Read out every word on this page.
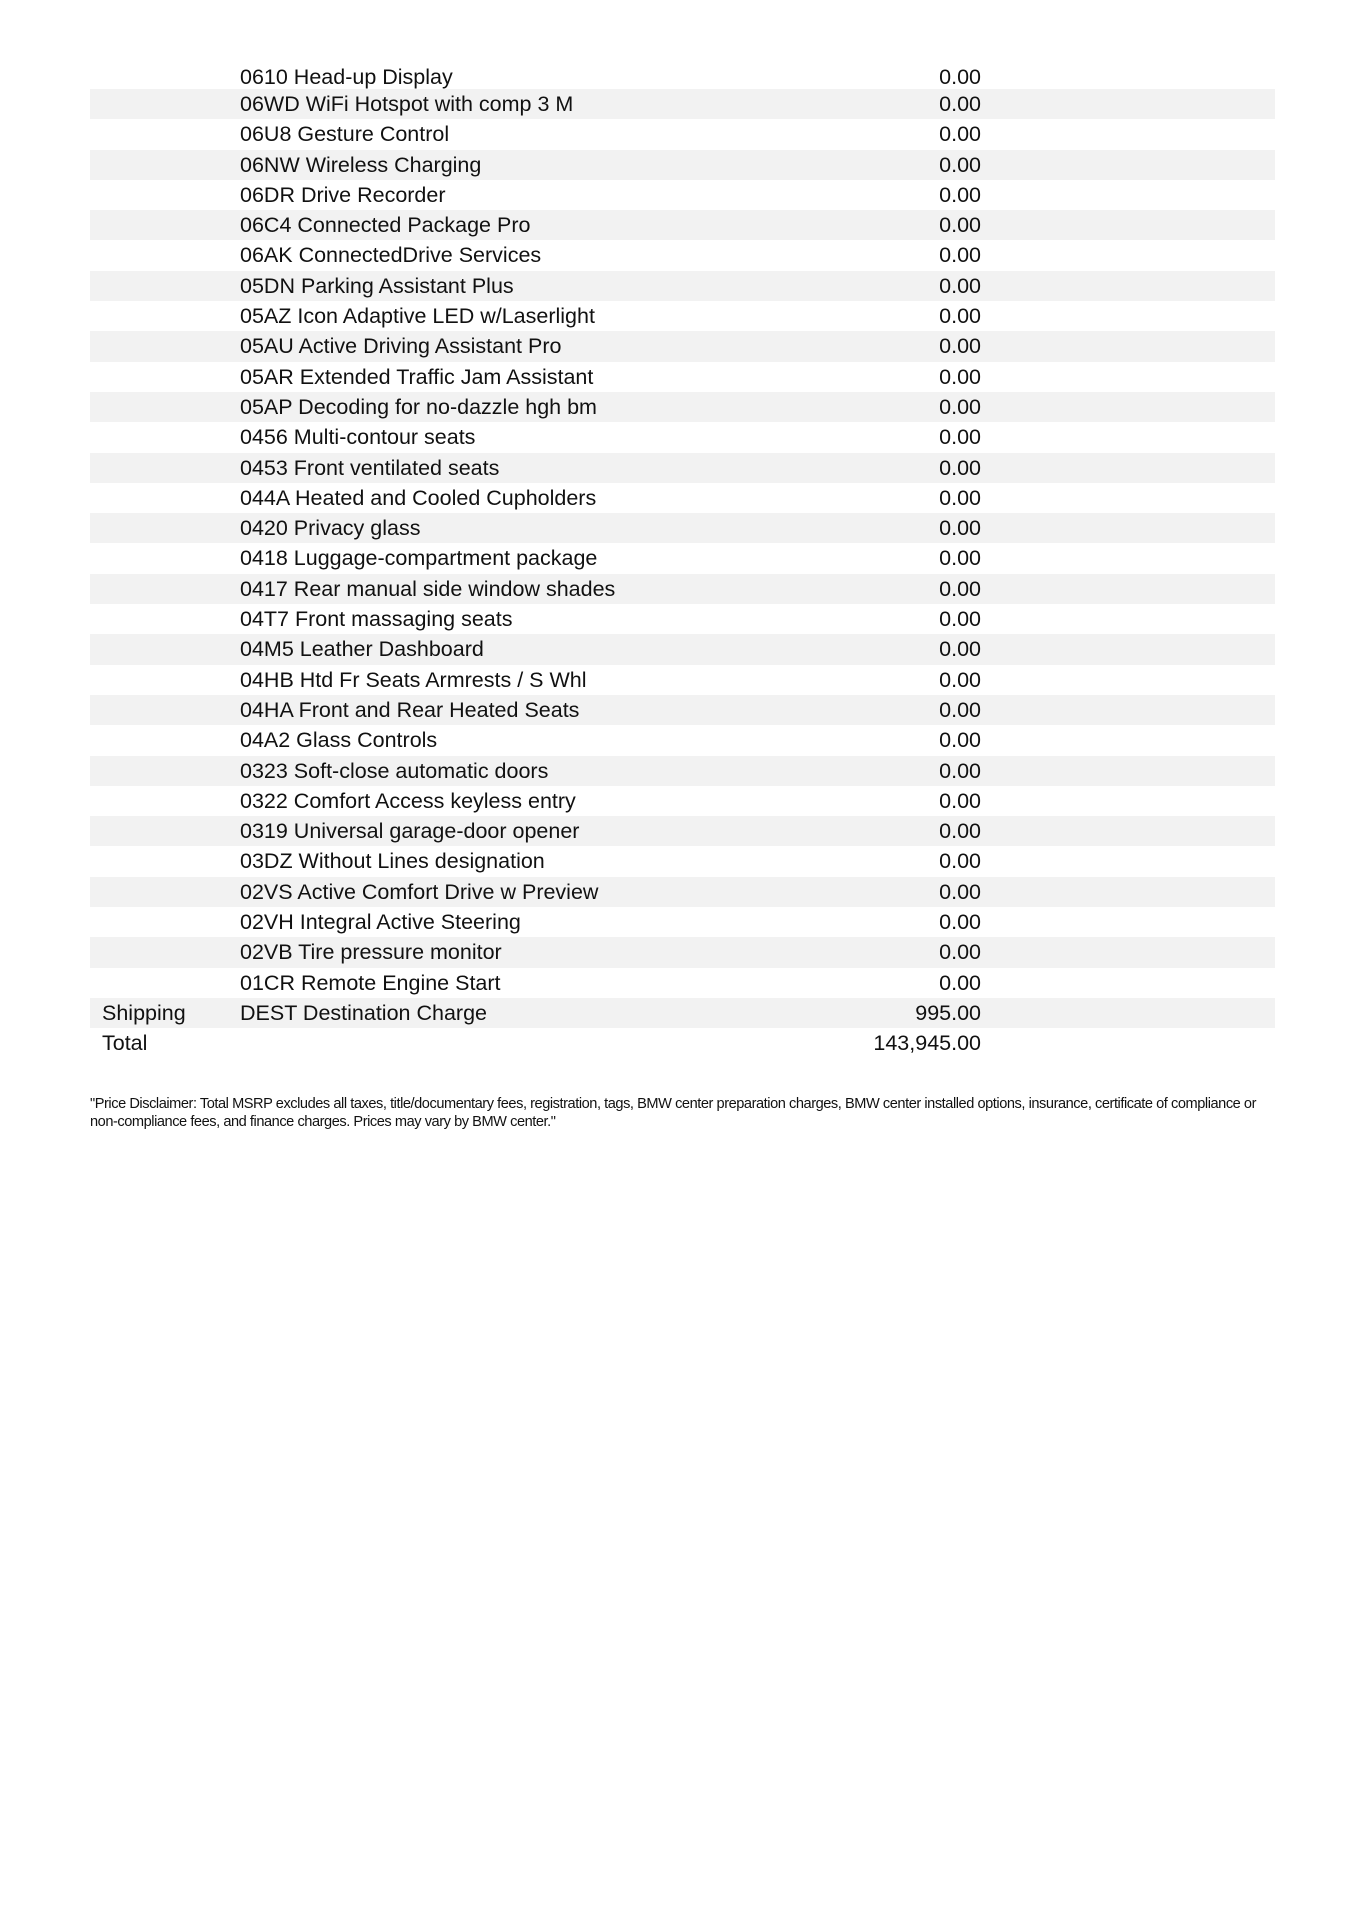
0610 Head-up Display	0.00
06WD WiFi Hotspot with comp 3 M	0.00
06U8 Gesture Control	0.00
06NW Wireless Charging	0.00
06DR Drive Recorder	0.00
06C4 Connected Package Pro	0.00
06AK ConnectedDrive Services	0.00
05DN Parking Assistant Plus	0.00
05AZ Icon Adaptive LED w/Laserlight	0.00
05AU Active Driving Assistant Pro	0.00
05AR Extended Traffic Jam Assistant	0.00
05AP Decoding for no-dazzle hgh bm	0.00
0456 Multi-contour seats	0.00
0453 Front ventilated seats	0.00
044A Heated and Cooled Cupholders	0.00
0420 Privacy glass	0.00
0418 Luggage-compartment package	0.00
0417 Rear manual side window shades	0.00
04T7 Front massaging seats	0.00
04M5 Leather Dashboard	0.00
04HB Htd Fr Seats Armrests / S Whl	0.00
04HA Front and Rear Heated Seats	0.00
04A2 Glass Controls	0.00
0323 Soft-close automatic doors	0.00
0322 Comfort Access keyless entry	0.00
0319 Universal garage-door opener	0.00
03DZ Without Lines designation	0.00
02VS Active Comfort Drive w Preview	0.00
02VH Integral Active Steering	0.00
02VB Tire pressure monitor	0.00
01CR Remote Engine Start	0.00
Shipping	DEST Destination Charge	995.00
Total	143,945.00

"Price Disclaimer: Total MSRP excludes all taxes, title/documentary fees, registration, tags, BMW center preparation charges, BMW center installed options, insurance, certificate of compliance or non-compliance fees, and finance charges. Prices may vary by BMW center."
